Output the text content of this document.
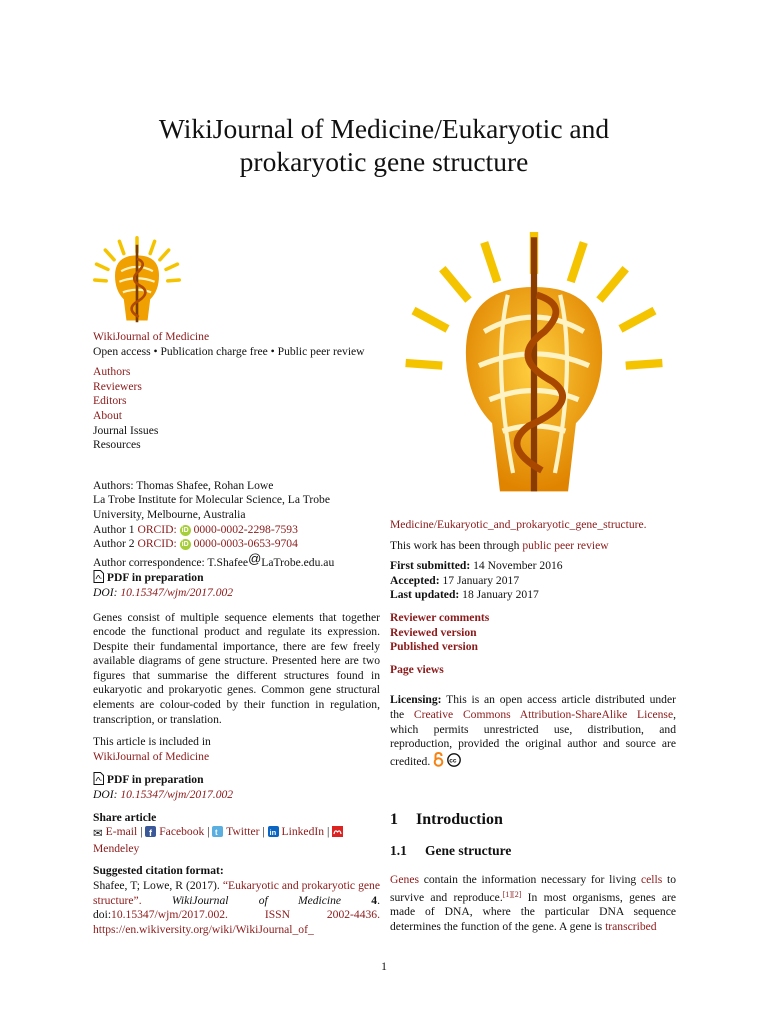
WikiJournal of Medicine/Eukaryotic and
prokaryotic gene structure
WikiJournal of Medicine
Open access • Publication charge free • Public peer review
Authors
Reviewers
Editors
About
Journal Issues
Resources
Authors: Thomas Shafee, Rohan Lowe
La Trobe Institute for Molecular Science, La Trobe University, Melbourne, Australia
Author 1 ORCID: iD 0000-0002-2298-7593
Author 2 ORCID: iD 0000-0003-0653-9704
Author correspondence: T.Shafee@LaTrobe.edu.au
PDF in preparation
DOI: 10.15347/wjm/2017.002
Genes consist of multiple sequence elements that together encode the functional product and regulate its expression. Despite their fundamental importance, there are few freely available diagrams of gene structure. Presented here are two figures that summarise the different structures found in eukaryotic and prokaryotic genes. Common gene structural elements are colour-coded by their function in regulation, transcription, or translation.
This article is included in
WikiJournal of Medicine
PDF in preparation
DOI: 10.15347/wjm/2017.002
Share article
✉ E-mail | f Facebook | t Twitter | in LinkedIn |
Mendeley
Suggested citation format:
Shafee, T; Lowe, R (2017). “Eukaryotic and prokaryotic gene structure”.	WikiJournal of Medicine	4. doi:10.15347/wjm/2017.002.	ISSN	2002-4436. https://en.wikiversity.org/wiki/WikiJournal_of_
Medicine/Eukaryotic_and_prokaryotic_gene_structure.
This work has been through public peer review
First submitted: 14 November 2016
Accepted: 17 January 2017
Last updated: 18 January 2017
Reviewer comments
Reviewed version
Published version
Page views
Licensing: This is an open access article distributed under the Creative Commons Attribution-ShareAlike License, which permits unrestricted use, distribution, and reproduction, provided the original author and source are credited.	cc
1 Introduction
1.1 Gene structure
Genes contain the information necessary for living cells to survive and reproduce.[1][2] In most organisms, genes are made of DNA, where the particular DNA sequence determines the function of the gene. A gene is transcribed
1
